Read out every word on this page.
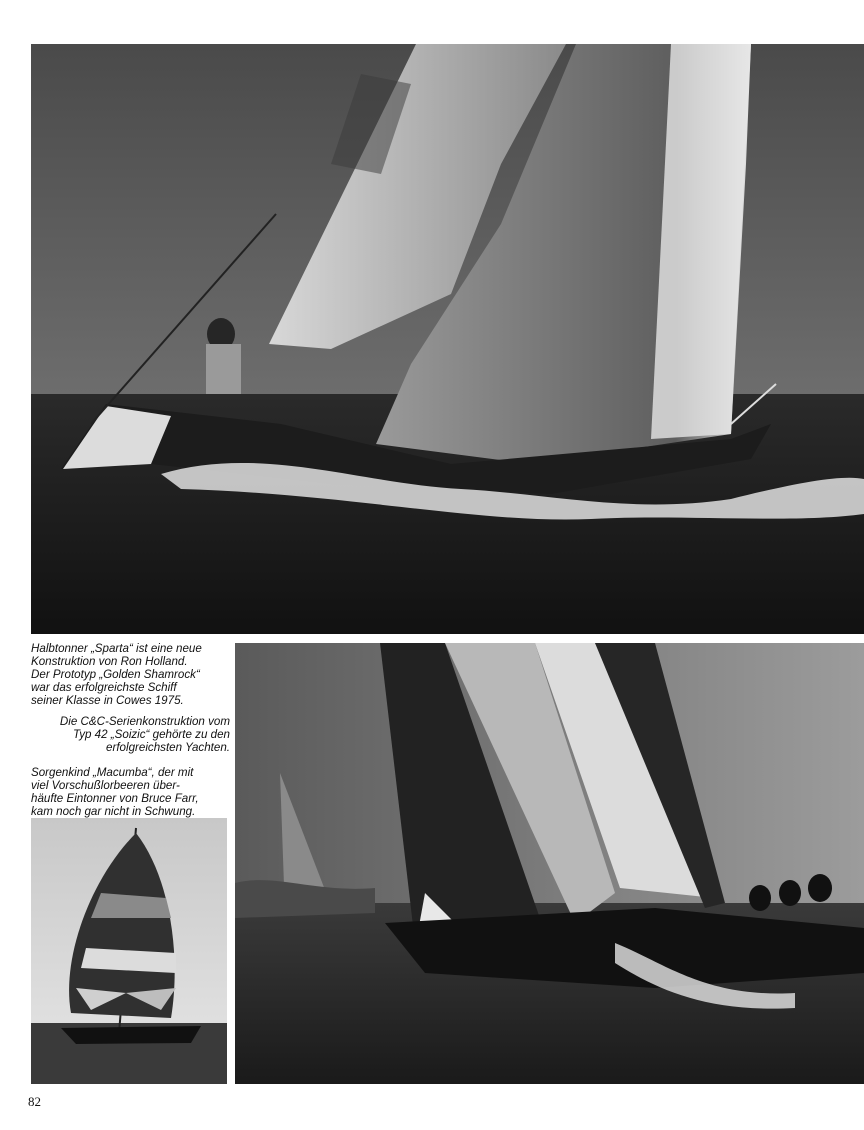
Halbtonner „Sparta“ ist eine neue
Konstruktion von Ron Holland.
Der Prototyp „Golden Shamrock“
war das erfolgreichste Schiff
seiner Klasse in Cowes 1975.

Die C&C-Serienkonstruktion vom
Typ 42 „Soizic“ gehörte zu den
erfolgreichsten Yachten.

Sorgenkind „Macumba“, der mit
viel Vorschußlorbeeren über-
häufte Eintonner von Bruce Farr,
kam noch gar nicht in Schwung.

82
